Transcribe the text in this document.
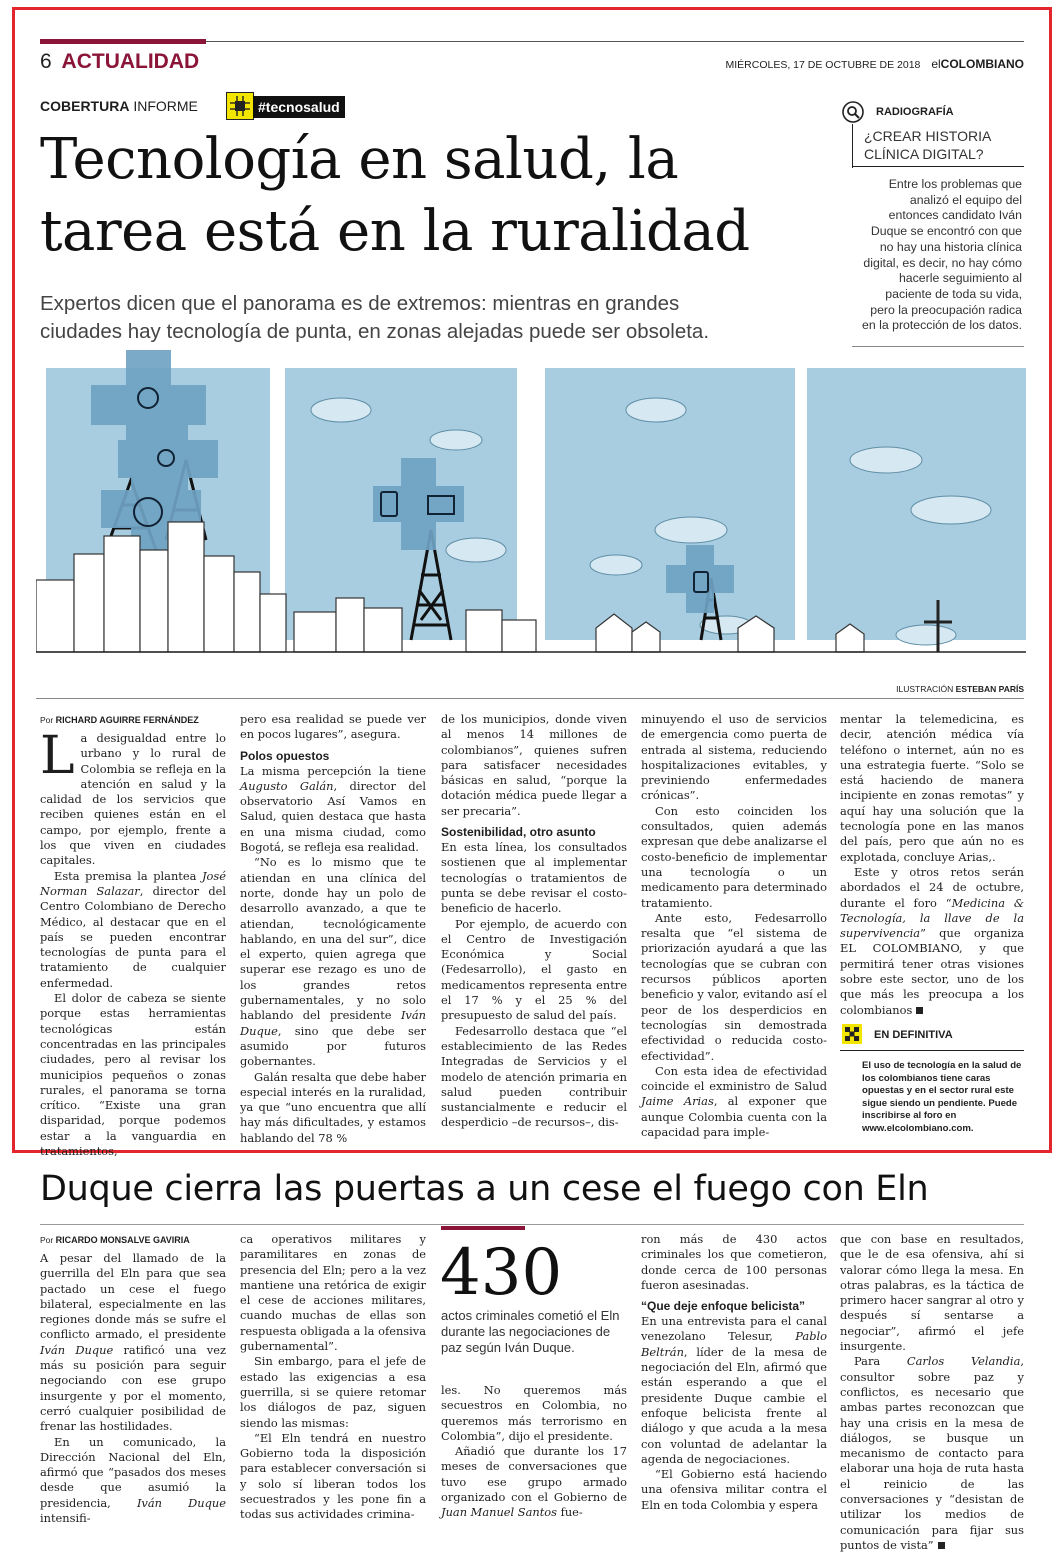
6 ACTUALIDAD	MIÉRCOLES, 17 DE OCTUBRE DE 2018 elCOLOMBIANO
COBERTURA INFORME	#tecnosalud
Tecnología en salud, la
tarea está en la ruralidad
Expertos dicen que el panorama es de extremos: mientras en grandes
ciudades hay tecnología de punta, en zonas alejadas puede ser obsoleta.
RADIOGRAFÍA
¿CREAR HISTORIA
CLÍNICA DIGITAL?
Entre los problemas que analizó el equipo del entonces candidato Iván Duque se encontró con que no hay una historia clínica digital, es decir, no hay cómo hacerle seguimiento al paciente de toda su vida, pero la preocupación radica en la protección de los datos.
ILUSTRACIÓN ESTEBAN PARÍS
Por RICHARD AGUIRRE FERNÁNDEZ

La desigualdad entre lo urbano y lo rural de Colombia se refleja en la atención en salud y la calidad de los servicios que reciben quienes están en el campo, por ejemplo, frente a los que viven en ciudades capitales.

Esta premisa la plantea José Norman Salazar, director del Centro Colombiano de Derecho Médico, al destacar que en el país se pueden encontrar tecnologías de punta para el tratamiento de cualquier enfermedad.

El dolor de cabeza se siente porque estas herramientas tecnológicas están concentradas en las principales ciudades, pero al revisar los municipios pequeños o zonas rurales, el panorama se torna crítico. “Existe una gran disparidad, porque podemos estar a la vanguardia en tratamientos,

pero esa realidad se puede ver en pocos lugares”, asegura.

Polos opuestos

La misma percepción la tiene Augusto Galán, director del observatorio Así Vamos en Salud, quien destaca que hasta en una misma ciudad, como Bogotá, se refleja esa realidad.

“No es lo mismo que te atiendan en una clínica del norte, donde hay un polo de desarrollo avanzado, a que te atiendan, tecnológicamente hablando, en una del sur”, dice el experto, quien agrega que superar ese rezago es uno de los grandes retos gubernamentales, y no solo hablando del presidente Iván Duque, sino que debe ser asumido por futuros gobernantes.

Galán resalta que debe haber especial interés en la ruralidad, ya que “uno encuentra que allí hay más dificultades, y estamos hablando del 78 %

de los municipios, donde viven al menos 14 millones de colombianos”, quienes sufren para satisfacer necesidades básicas en salud, “porque la dotación médica puede llegar a ser precaria”.

Sostenibilidad, otro asunto

En esta línea, los consultados sostienen que al implementar tecnologías o tratamientos de punta se debe revisar el costo-beneficio de hacerlo.

Por ejemplo, de acuerdo con el Centro de Investigación Económica y Social (Fedesarrollo), el gasto en medicamentos representa entre el 17 % y el 25 % del presupuesto de salud del país.

Fedesarrollo destaca que “el establecimiento de las Redes Integradas de Servicios y el modelo de atención primaria en salud pueden contribuir sustancialmente e reducir el desperdicio –de recursos–, dis-

minuyendo el uso de servicios de emergencia como puerta de entrada al sistema, reduciendo hospitalizaciones evitables, y previniendo enfermedades crónicas”.

Con esto coinciden los consultados, quien además expresan que debe analizarse el costo-beneficio de implementar una tecnología o un medicamento para determinado tratamiento.

Ante esto, Fedesarrollo resalta que “el sistema de priorización ayudará a que las tecnologías que se cubran con recursos públicos aporten beneficio y valor, evitando así el peor de los desperdicios en tecnologías sin demostrada efectividad o reducida costo-efectividad”.

Con esta idea de efectividad coincide el exministro de Salud Jaime Arias, al exponer que aunque Colombia cuenta con la capacidad para imple-

mentar la telemedicina, es decir, atención médica vía teléfono o internet, aún no es una estrategia fuerte. “Solo se está haciendo de manera incipiente en zonas remotas” y aquí hay una solución que la tecnología pone en las manos del país, pero que aún no es explotada, concluye Arias,.

Este y otros retos serán abordados el 24 de octubre, durante el foro “Medicina & Tecnología, la llave de la supervivencia” que organiza EL COLOMBIANO, y que permitirá tener otras visiones sobre este sector, uno de los que más les preocupa a los colombianos

EN DEFINITIVA
El uso de tecnología en la salud de los colombianos tiene caras opuestas y en el sector rural este sigue siendo un pendiente. Puede inscribirse al foro en www.elcolombiano.com.
Duque cierra las puertas a un cese el fuego con Eln
Por RICARDO MONSALVE GAVIRIA

A pesar del llamado de la guerrilla del Eln para que sea pactado un cese el fuego bilateral, especialmente en las regiones donde más se sufre el conflicto armado, el presidente Iván Duque ratificó una vez más su posición para seguir negociando con ese grupo insurgente y por el momento, cerró cualquier posibilidad de frenar las hostilidades.

En un comunicado, la Dirección Nacional del Eln, afirmó que “pasados dos meses desde que asumió la presidencia, Iván Duque intensifi-

ca operativos militares y paramilitares en zonas de presencia del Eln; pero a la vez mantiene una retórica de exigir el cese de acciones militares, cuando muchas de ellas son respuesta obligada a la ofensiva gubernamental”.

Sin embargo, para el jefe de estado las exigencias a esa guerrilla, si se quiere retomar los diálogos de paz, siguen siendo las mismas:

“El Eln tendrá en nuestro Gobierno toda la disposición para establecer conversación si y solo sí liberan todos los secuestrados y les pone fin a todas sus actividades crimina-

430
actos criminales cometió el Eln durante las negociaciones de paz según Iván Duque.

les. No queremos más secuestros en Colombia, no queremos más terrorismo en Colombia”, dijo el presidente.

Añadió que durante los 17 meses de conversaciones que tuvo ese grupo armado organizado con el Gobierno de Juan Manuel Santos fue-

ron más de 430 actos criminales los que cometieron, donde cerca de 100 personas fueron asesinadas.

“Que deje enfoque belicista”

En una entrevista para el canal venezolano Telesur, Pablo Beltrán, líder de la mesa de negociación del Eln, afirmó que están esperando a que el presidente Duque cambie el enfoque belicista frente al diálogo y que acuda a la mesa con voluntad de adelantar la agenda de negociaciones.

“El Gobierno está haciendo una ofensiva militar contra el Eln en toda Colombia y espera

que con base en resultados, que le de esa ofensiva, ahí si valorar cómo llega la mesa. En otras palabras, es la táctica de primero hacer sangrar al otro y después sí sentarse a negociar”, afirmó el jefe insurgente.

Para Carlos Velandia, consultor sobre paz y conflictos, es necesario que ambas partes reconozcan que hay una crisis en la mesa de diálogos, se busque un mecanismo de contacto para elaborar una hoja de ruta hasta el reinicio de las conversaciones y “desistan de utilizar los medios de comunicación para fijar sus puntos de vista”
